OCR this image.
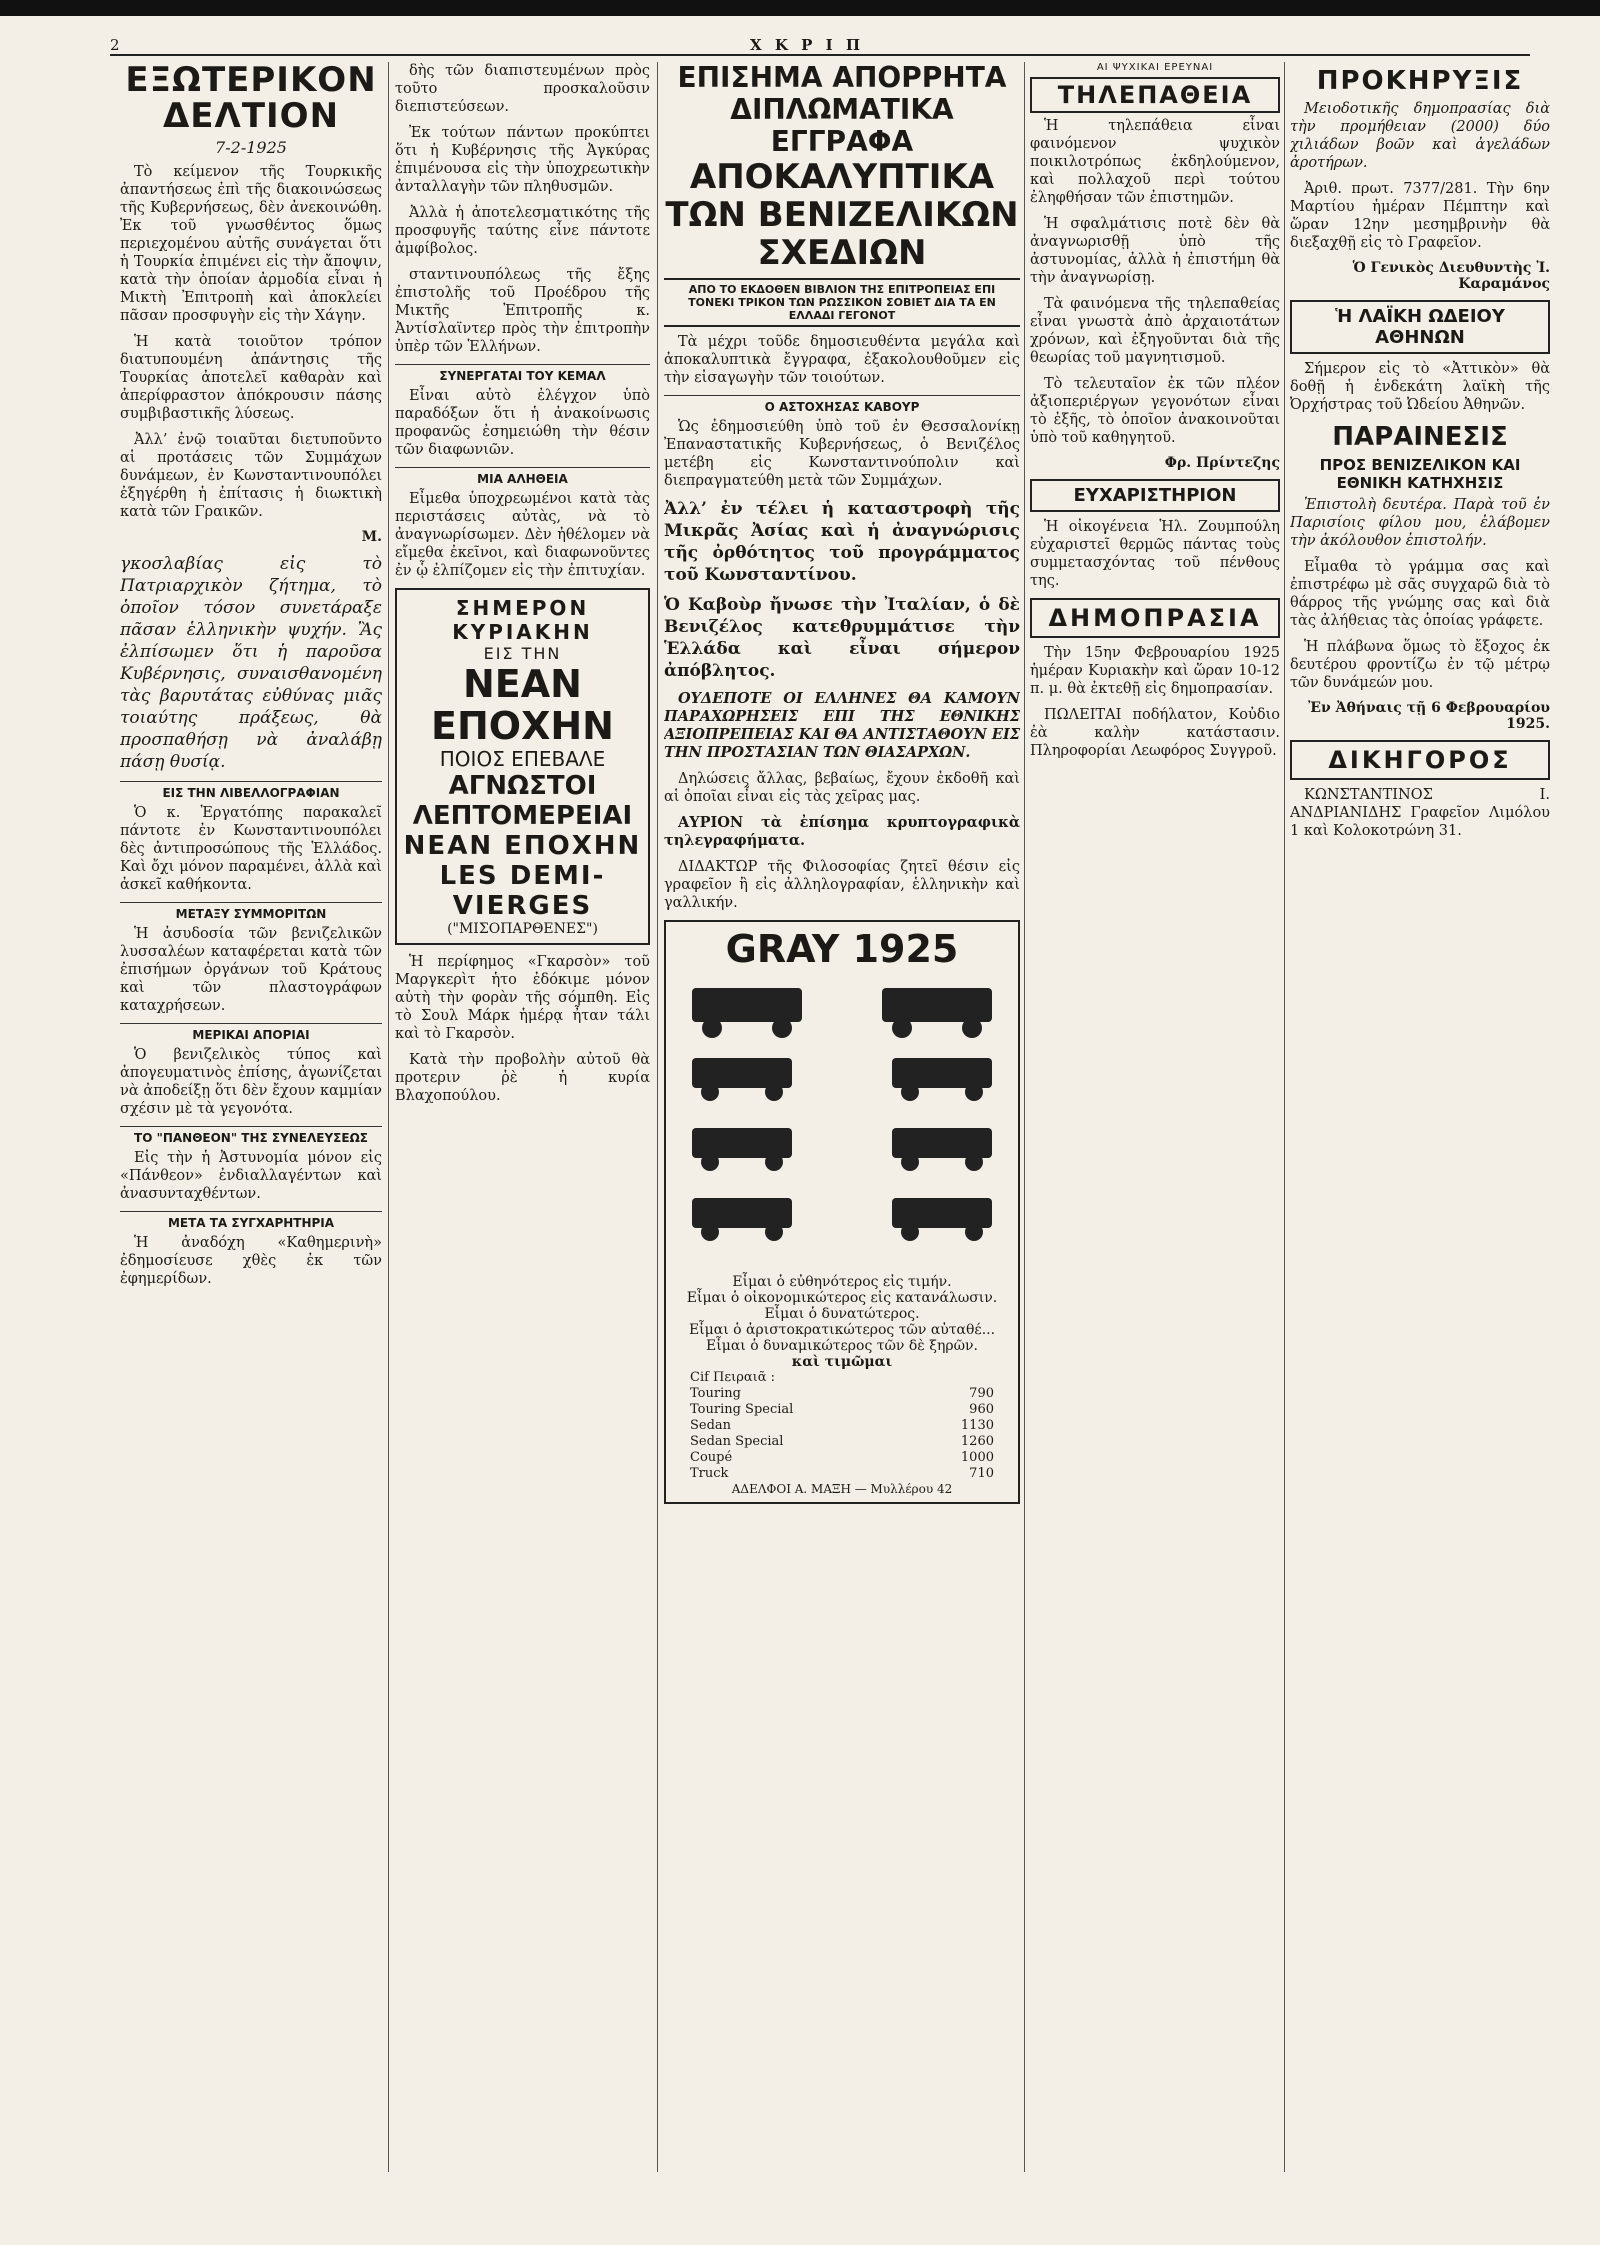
2	Χ Κ Ρ Ι Π
ΕΞΩΤΕΡΙΚΟΝ ΔΕΛΤΙΟΝ
7-2-1925

Τὸ κείμενον τῆς Τουρκικῆς ἀπαντήσεως ἐπὶ τῆς διακοινώσεως τῆς Κυβερνήσεως, δὲν ἀνεκοινώθη. Ἐκ τοῦ γνωσθέντος ὅμως περιεχομένου αὐτῆς συνάγεται ὅτι ἡ Τουρκία ἐπιμένει εἰς τὴν ἄποψιν, κατὰ τὴν ὁποίαν ἀρμοδία εἶναι ἡ Μικτὴ Ἐπιτροπὴ καὶ ἀποκλείει πᾶσαν προσφυγὴν εἰς τὴν Χάγην.

Ἡ κατὰ τοιοῦτον τρόπον διατυπουμένη ἀπάντησις τῆς Τουρκίας ἀποτελεῖ καθαρὰν καὶ ἀπερίφραστον ἀπόκρουσιν πάσης συμβιβαστικῆς λύσεως.

Ἀλλ’ ἐνῷ τοιαῦται διετυποῦντο αἱ προτάσεις τῶν Συμμάχων δυνάμεων, ἐν Κωνσταντινουπόλει ἐξηγέρθη ἡ ἐπίτασις ἡ διωκτικὴ κατὰ τῶν Γραικῶν.

Μ.
γκοσλαβίας εἰς τὸ Πατριαρχικὸν ζήτημα, τὸ ὁποῖον τόσον συνετάραξε πᾶσαν ἑλληνικὴν ψυχήν. Ἂς ἐλπίσωμεν ὅτι ἡ παροῦσα Κυβέρνησις, συναισθανομένη τὰς βαρυτάτας εὐθύνας μιᾶς τοιαύτης πράξεως, θὰ προσπαθήσῃ νὰ ἀναλάβῃ πάσῃ θυσίᾳ.
ΕΙΣ ΤΗΝ ΛΙΒΕΛΛΟΓΡΑΦΙΑΝ

Ὁ κ. Ἐργατόπης παρακαλεῖ πάντοτε ἐν Κωνσταντινουπόλει δὲς ἀντιπροσώπους τῆς Ἑλλάδος. Καὶ ὄχι μόνον παραμένει, ἀλλὰ καὶ ἀσκεῖ καθήκοντα.

ΜΕΤΑΞΥ ΣΥΜΜΟΡΙΤΩΝ

Ἡ ἀσυδοσία τῶν βενιζελικῶν λυσσαλέων καταφέρεται κατὰ τῶν ἐπισήμων ὀργάνων τοῦ Κράτους καὶ τῶν πλαστογράφων καταχρήσεων.

ΜΕΡΙΚΑΙ ΑΠΟΡΙΑΙ

Ὁ βενιζελικὸς τύπος καὶ ἀπογευματινὸς ἐπίσης, ἀγωνίζεται νὰ ἀποδείξῃ ὅτι δὲν ἔχουν καμμίαν σχέσιν μὲ τὰ γεγονότα.

ΤΟ "ΠΑΝΘΕΟΝ" ΤΗΣ ΣΥΝΕΛΕΥΣΕΩΣ

Εἰς τὴν ἡ Ἀστυνομία μόνον εἰς «Πάνθεον» ἐνδιαλλαγέντων καὶ ἀνασυνταχθέντων.

ΜΕΤΑ ΤΑ ΣΥΓΧΑΡΗΤΗΡΙΑ

Ἡ ἀναδόχη «Καθημερινὴ» ἐδημοσίευσε χθὲς ἐκ τῶν ἐφημερίδων.

δὴς τῶν διαπιστευμένων πρὸς τοῦτο προσκαλοῦσιν διεπιστεύσεων.

Ἐκ τούτων πάντων προκύπτει ὅτι ἡ Κυβέρνησις τῆς Ἀγκύρας ἐπιμένουσα εἰς τὴν ὑποχρεωτικὴν ἀνταλλαγὴν τῶν πληθυσμῶν.

Ἀλλὰ ἡ ἀποτελεσματικότης τῆς προσφυγῆς ταύτης εἶνε πάντοτε ἀμφίβολος.

σταντινουπόλεως τῆς ἔξης ἐπιστολῆς τοῦ Προέδρου τῆς Μικτῆς Ἐπιτροπῆς κ. Ἀντίσλαϊντερ πρὸς τὴν ἐπιτροπὴν ὑπὲρ τῶν Ἑλλήνων.

ΣΥΝΕΡΓΑΤΑΙ ΤΟΥ ΚΕΜΑΛ

Εἶναι αὐτὸ ἐλέγχον ὑπὸ παραδόξων ὅτι ἡ ἀνακοίνωσις προφανῶς ἐσημειώθη τὴν θέσιν τῶν διαφωνιῶν.

ΜΙΑ ΑΛΗΘΕΙΑ

Εἶμεθα ὑποχρεωμένοι κατὰ τὰς περιστάσεις αὐτὰς, νὰ τὸ ἀναγνωρίσωμεν. Δὲν ἠθέλομεν νὰ εἴμεθα ἐκεῖνοι, καὶ διαφωνοῦντες ἐν ᾧ ἐλπίζομεν εἰς τὴν ἐπιτυχίαν.

ΣΗΜΕΡΟΝ ΚΥΡΙΑΚΗΝ
ΕΙΣ ΤΗΝ
ΝΕΑΝ ΕΠΟΧΗΝ
ΠΟΙΟΣ ΕΠΕΒΑΛΕ
ΑΓΝΩΣΤΟΙ ΛΕΠΤΟΜΕΡΕΙΑΙ
ΝΕΑΝ ΕΠΟΧΗΝ
LES DEMI-VIERGES
("ΜΙΣΟΠΑΡΘΕΝΕΣ")

Ἡ περίφημος «Γκαρσὸν» τοῦ Μαργκερὶτ ἡτο ἐδόκιμε μόνον αὐτὴ τὴν φορὰν τῆς σόμπθη. Εἰς τὸ Σουλ Μάρκ ἡμέρᾳ ἦταν τάλι καὶ τὸ Γκαρσὸν.

Κατὰ τὴν προβολὴν αὐτοῦ θὰ προτεριν ῥὲ ἡ κυρία Βλαχοπούλου.

ΕΠΙΣΗΜΑ ΑΠΟΡΡΗΤΑ ΔΙΠΛΩΜΑΤΙΚΑ ΕΓΓΡΑΦΑ
ΑΠΟΚΑΛΥΠΤΙΚΑ ΤΩΝ ΒΕΝΙΖΕΛΙΚΩΝ ΣΧΕΔΙΩΝ
ΑΠΟ ΤΟ ΕΚΔΟΘΕΝ ΒΙΒΛΙΟΝ ΤΗΣ ΕΠΙΤΡΟΠΕΙΑΣ ΕΠΙ ΤΟΝΕΚΙ ΤΡΙΚΟΝ ΤΩΝ ΡΩΣΣΙΚΟΝ ΣΟΒΙΕΤ ΔΙΑ ΤΑ ΕΝ ΕΛΛΑΔΙ ΓΕΓΟΝΟΤ

Τὰ μέχρι τοῦδε δημοσιευθέντα μεγάλα καὶ ἀποκαλυπτικὰ ἔγγραφα, ἐξακολουθοῦμεν εἰς τὴν εἰσαγωγὴν τῶν τοιούτων.

Ο ΑΣΤΟΧΗΣΑΣ ΚΑΒΟΥΡ

Ὡς ἐδημοσιεύθη ὑπὸ τοῦ ἐν Θεσσαλονίκῃ Ἐπαναστατικῆς Κυβερνήσεως, ὁ Βενιζέλος μετέβη εἰς Κωνσταντινούπολιν καὶ διεπραγματεύθη μετὰ τῶν Συμμάχων.

Ἀλλ’ ἐν τέλει ἡ καταστροφὴ τῆς Μικρᾶς Ἀσίας καὶ ἡ ἀναγνώρισις τῆς ὀρθότητος τοῦ προγράμματος τοῦ Κωνσταντίνου.

Ὁ Καβοὺρ ἤνωσε τὴν Ἰταλίαν, ὁ δὲ Βενιζέλος κατεθρυμμάτισε τὴν Ἑλλάδα καὶ εἶναι σήμερον ἀπόβλητος.

ΟΥΔΕΠΟΤΕ ΟΙ ΕΛΛΗΝΕΣ ΘΑ ΚΑΜΟΥΝ ΠΑΡΑΧΩΡΗΣΕΙΣ ΕΠΙ ΤΗΣ ΕΘΝΙΚΗΣ ΑΞΙΟΠΡΕΠΕΙΑΣ ΚΑΙ ΘΑ ΑΝΤΙΣΤΑΘΟΥΝ ΕΙΣ ΤΗΝ ΠΡΟΣΤΑΣΙΑΝ ΤΩΝ ΘΙΑΣΑΡΧΩΝ.

Δηλώσεις ἄλλας, βεβαίως, ἔχουν ἐκδοθῆ καὶ αἱ ὁποῖαι εἶναι εἰς τὰς χεῖρας μας.

ΑΥΡΙΟΝ τὰ ἐπίσημα κρυπτογραφικὰ τηλεγραφήματα.

ΔΙΔΑΚΤΩΡ τῆς Φιλοσοφίας ζητεῖ θέσιν εἰς γραφεῖον ἢ εἰς ἀλληλογραφίαν, ἑλληνικὴν καὶ γαλλικήν.

GRAY 1925
Εἶμαι ὁ εὐθηνότερος εἰς τιμήν.
Εἶμαι ὁ οἰκονομικώτερος εἰς κατανάλωσιν.
Εἶμαι ὁ δυνατώτερος.
Εἶμαι ὁ ἀριστοκρατικώτερος τῶν αὐταθέ...
Εἶμαι ὁ δυναμικώτερος τῶν δὲ ξηρῶν.
καὶ τιμῶμαι
Cif Πειραιᾶ :
Touring	790
Touring Special	960
Sedan	1130
Sedan Special	1260
Coupé	1000
Truck	710
ΑΔΕΛΦΟΙ Α. ΜΑΞΗ — Μυλλέρου 42
ΑΙ ΨΥΧΙΚΑΙ ΕΡΕΥΝΑΙ
ΤΗΛΕΠΑΘΕΙΑ

Ἡ τηλεπάθεια εἶναι φαινόμενον ψυχικὸν ποικιλοτρόπως ἐκδηλούμενον, καὶ πολλαχοῦ περὶ τούτου ἐληφθήσαν τῶν ἐπιστημῶν.

Ἡ σφαλμάτισις ποτὲ δὲν θὰ ἀναγνωρισθῇ ὑπὸ τῆς ἀστυνομίας, ἀλλὰ ἡ ἐπιστήμη θὰ τὴν ἀναγνωρίσῃ.

Τὰ φαινόμενα τῆς τηλεπαθείας εἶναι γνωστὰ ἀπὸ ἀρχαιοτάτων χρόνων, καὶ ἐξηγοῦνται διὰ τῆς θεωρίας τοῦ μαγνητισμοῦ.

Τὸ τελευταῖον ἐκ τῶν πλέον ἀξιοπεριέργων γεγονότων εἶναι τὸ ἐξῆς, τὸ ὁποῖον ἀνακοινοῦται ὑπὸ τοῦ καθηγητοῦ.

Φρ. Πρίντεζης
ΕΥΧΑΡΙΣΤΗΡΙΟΝ

Ἡ οἰκογένεια Ἡλ. Ζουμπούλη εὐχαριστεῖ θερμῶς πάντας τοὺς συμμετασχόντας τοῦ πένθους της.

ΔΗΜΟΠΡΑΣΙΑ

Τὴν 15ην Φεβρουαρίου 1925 ἡμέραν Κυριακὴν καὶ ὥραν 10-12 π. μ. θὰ ἐκτεθῇ εἰς δημοπρασίαν.

ΠΩΛΕΙΤΑΙ ποδήλατον, Κοὐδιο ἐὰ καλὴν κατάστασιν. Πληροφορίαι Λεωφόρος Συγγροῦ.

ΠΡΟΚΗΡΥΞΙΣ

Μειοδοτικῆς δημοπρασίας διὰ τὴν προμήθειαν (2000) δύο χιλιάδων βοῶν καὶ ἀγελάδων ἀροτήρων.

Ἀριθ. πρωτ. 7377/281. Τὴν 6ην Μαρτίου ἡμέραν Πέμπτην καὶ ὥραν 12ην μεσημβρινὴν θὰ διεξαχθῇ εἰς τὸ Γραφεῖον.

Ὁ Γενικὸς Διευθυντὴς Ἰ. Καραμάνος
Ἡ ΛΑΪΚΗ ΩΔΕΙΟΥ ΑΘΗΝΩΝ

Σήμερον εἰς τὸ «Ἀττικὸν» θὰ δοθῇ ἡ ἑνδεκάτη λαϊκὴ τῆς Ὀρχήστρας τοῦ Ὠδείου Ἀθηνῶν.

ΠΑΡΑΙΝΕΣΙΣ
ΠΡΟΣ ΒΕΝΙΖΕΛΙΚΟΝ ΚΑΙ ΕΘΝΙΚΗ ΚΑΤΗΧΗΣΙΣ

Ἐπιστολὴ δευτέρα. Παρὰ τοῦ ἐν Παρισίοις φίλου μου, ἐλάβομεν τὴν ἀκόλουθον ἐπιστολήν.

Εἶμαθα τὸ γράμμα σας καὶ ἐπιστρέφω μὲ σᾶς συγχαρῶ διὰ τὸ θάρρος τῆς γνώμης σας καὶ διὰ τὰς ἀλήθειας τὰς ὁποίας γράφετε.

Ἡ πλάβωνα ὅμως τὸ ἔξοχος ἐκ δευτέρου φροντίζω ἐν τῷ μέτρῳ τῶν δυνάμεών μου.

Ἐν Ἀθήναις τῇ 6 Φεβρουαρίου 1925.
ΔΙΚΗΓΟΡΟΣ

ΚΩΝΣΤΑΝΤΙΝΟΣ Ι. ΑΝΔΡΙΑΝΙΔΗΣ Γραφεῖον Λιμόλου 1 καὶ Κολοκοτρώνη 31.
